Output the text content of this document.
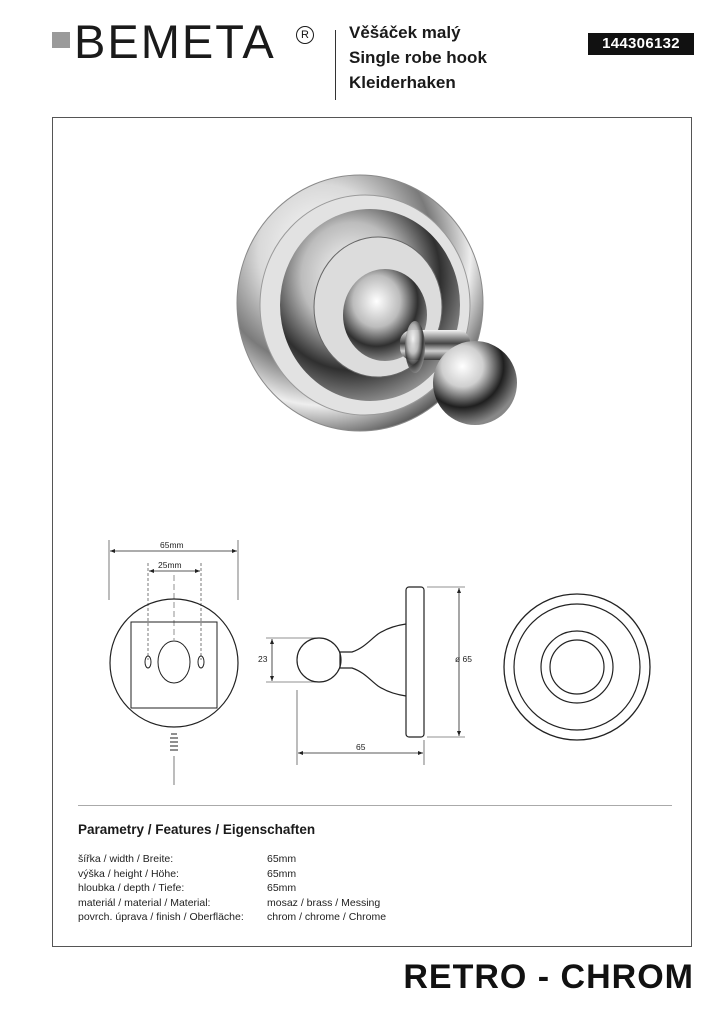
BEMETA	R Věšáček malý
Single robe hook
Kleiderhaken
144306132
65mm
25mm
23	ø 65
65
Parametry / Features / Eigenschaften
šířka / width / Breite:	65mm
výška / height / Höhe:	65mm
hloubka / depth / Tiefe:	65mm
materiál / material / Material:	mosaz / brass / Messing
povrch. úprava / finish / Oberfläche: chrom / chrome / Chrome
RETRO - CHROM
